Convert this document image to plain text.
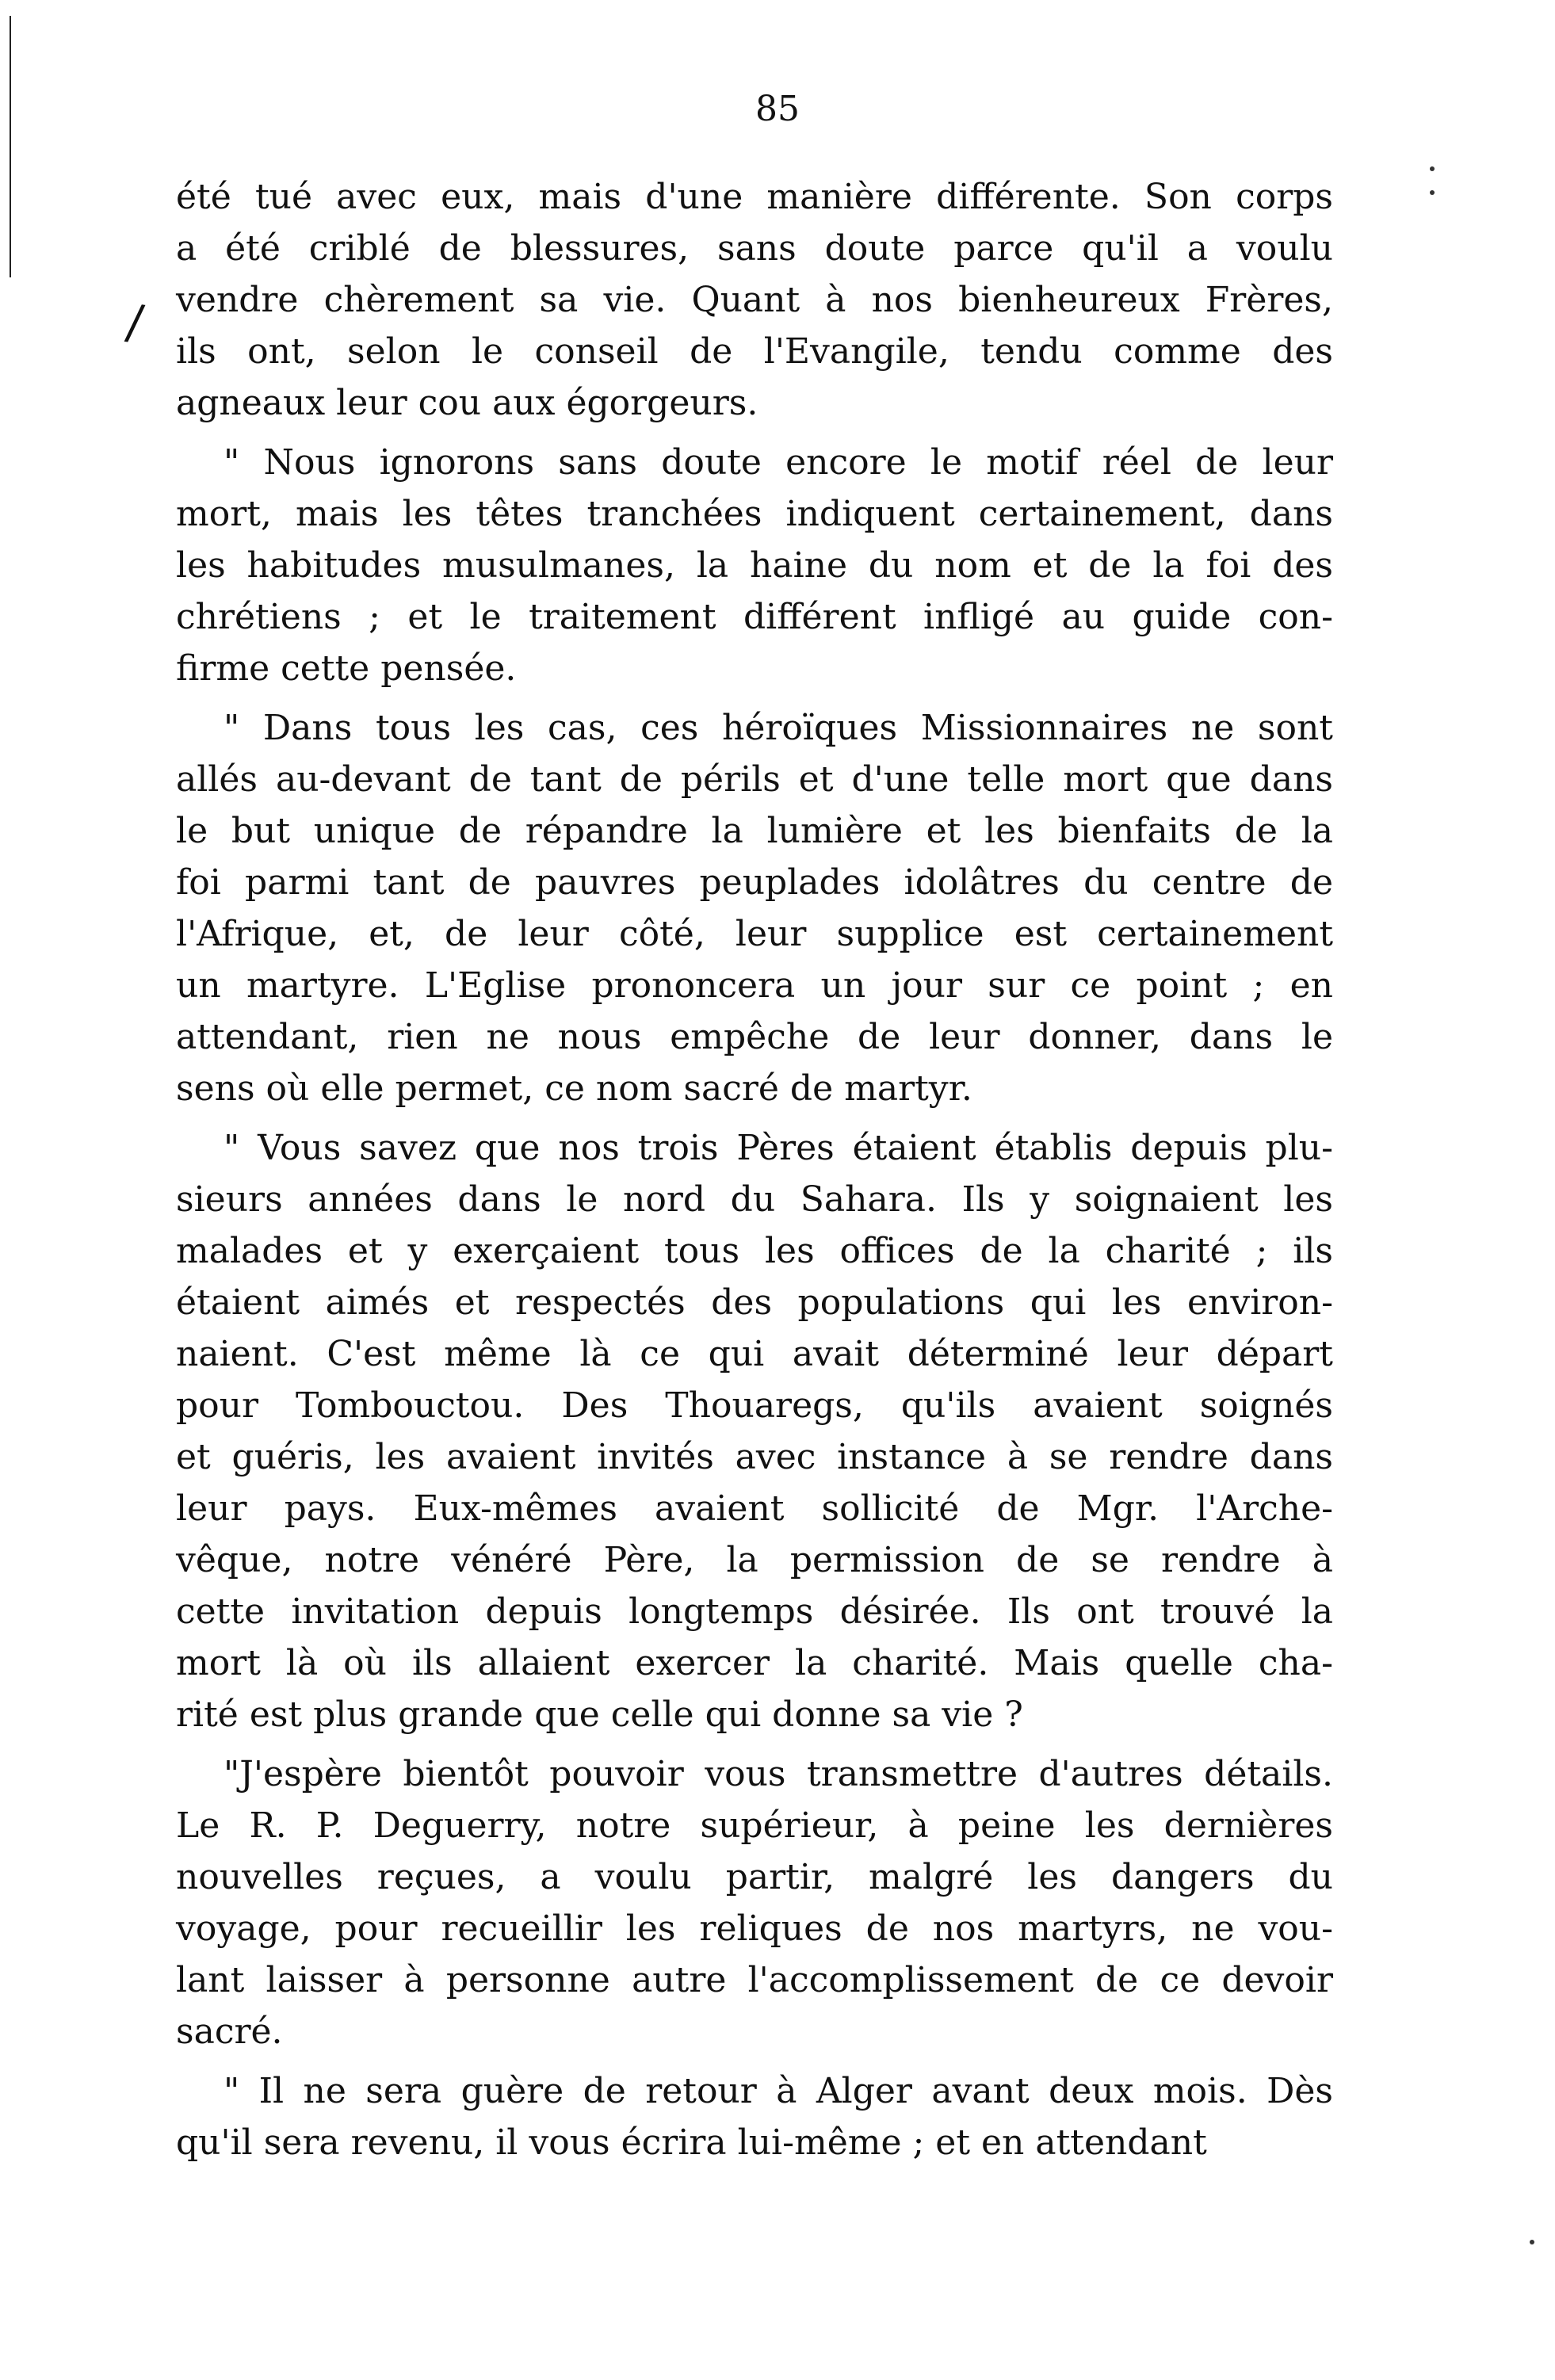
/
85
été tué avec eux, mais d'une manière différente. Son corps
a été criblé de blessures, sans doute parce qu'il a voulu
vendre chèrement sa vie. Quant à nos bienheureux Frères,
ils ont, selon le conseil de l'Evangile, tendu comme des
agneaux leur cou aux égorgeurs.
" Nous ignorons sans doute encore le motif réel de leur
mort, mais les têtes tranchées indiquent certainement, dans
les habitudes musulmanes, la haine du nom et de la foi des
chrétiens ; et le traitement différent infligé au guide con-
firme cette pensée.
" Dans tous les cas, ces héroïques Missionnaires ne sont
allés au-devant de tant de périls et d'une telle mort que dans
le but unique de répandre la lumière et les bienfaits de la
foi parmi tant de pauvres peuplades idolâtres du centre de
l'Afrique, et, de leur côté, leur supplice est certainement
un martyre. L'Eglise prononcera un jour sur ce point ; en
attendant, rien ne nous empêche de leur donner, dans le
sens où elle permet, ce nom sacré de martyr.
" Vous savez que nos trois Pères étaient établis depuis plu-
sieurs années dans le nord du Sahara. Ils y soignaient les
malades et y exerçaient tous les offices de la charité ; ils
étaient aimés et respectés des populations qui les environ-
naient. C'est même là ce qui avait déterminé leur départ
pour Tombouctou. Des Thouaregs, qu'ils avaient soignés
et guéris, les avaient invités avec instance à se rendre dans
leur pays. Eux-mêmes avaient sollicité de Mgr. l'Arche-
vêque, notre vénéré Père, la permission de se rendre à
cette invitation depuis longtemps désirée. Ils ont trouvé la
mort là où ils allaient exercer la charité. Mais quelle cha-
rité est plus grande que celle qui donne sa vie ?
"J'espère bientôt pouvoir vous transmettre d'autres détails.
Le R. P. Deguerry, notre supérieur, à peine les dernières
nouvelles reçues, a voulu partir, malgré les dangers du
voyage, pour recueillir les reliques de nos martyrs, ne vou-
lant laisser à personne autre l'accomplissement de ce devoir
sacré.
" Il ne sera guère de retour à Alger avant deux mois. Dès
qu'il sera revenu, il vous écrira lui-même ; et en attendant
